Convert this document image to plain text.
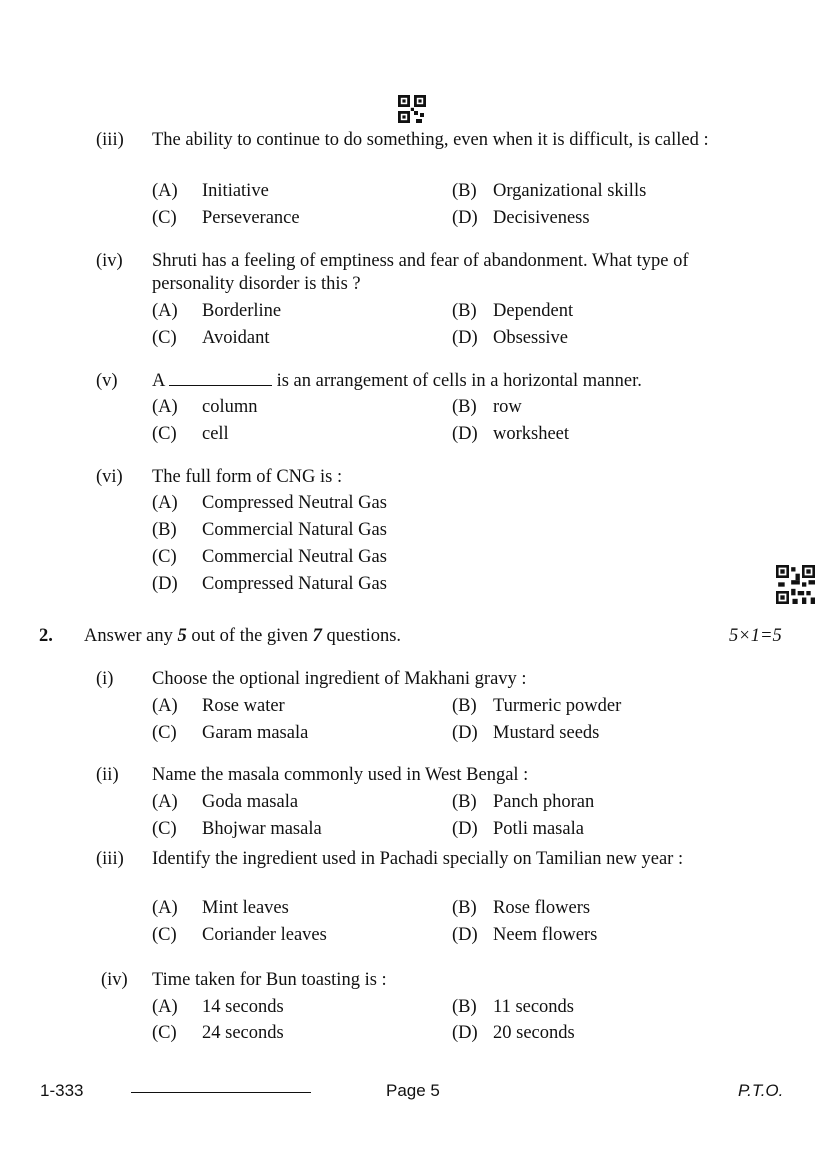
(iii) The ability to continue to do something, even when it is difficult, is called :
(A) Initiative	(B) Organizational skills
(C) Perseverance	(D) Decisiveness
(iv) Shruti has a feeling of emptiness and fear of abandonment. What type of personality disorder is this ?
(A) Borderline	(B) Dependent
(C) Avoidant	(D) Obsessive
(v) A	is an arrangement of cells in a horizontal manner.
(A) column	(B) row
(C) cell	(D) worksheet
(vi) The full form of CNG is :
(A) Compressed Neutral Gas
(B) Commercial Natural Gas
(C) Commercial Neutral Gas
(D) Compressed Natural Gas
2. Answer any 5 out of the given 7 questions.	5×1=5
(i) Choose the optional ingredient of Makhani gravy :
(A) Rose water	(B) Turmeric powder
(C) Garam masala	(D) Mustard seeds
(ii) Name the masala commonly used in West Bengal :
(A) Goda masala	(B) Panch phoran
(C) Bhojwar masala	(D) Potli masala
(iii) Identify the ingredient used in Pachadi specially on Tamilian new year :
(A) Mint leaves	(B) Rose flowers
(C) Coriander leaves	(D) Neem flowers
(iv) Time taken for Bun toasting is :
(A) 14 seconds	(B) 11 seconds
(C) 24 seconds	(D) 20 seconds
1-333	Page 5	P.T.O.
